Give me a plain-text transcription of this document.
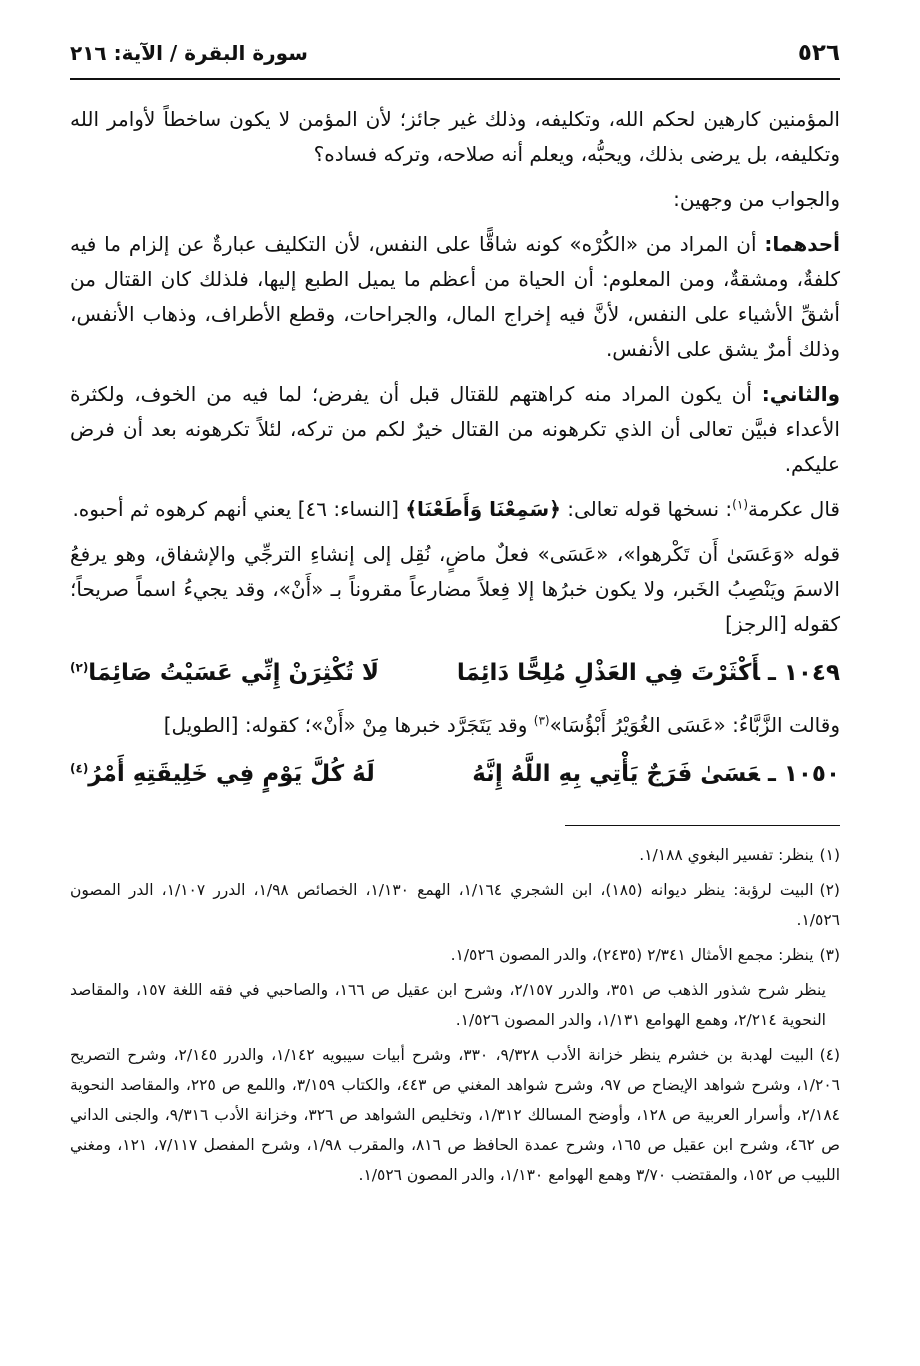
٥٢٦
سورة البقرة / الآية: ٢١٦

المؤمنين كارهين لحكم الله، وتكليفه، وذلك غير جائز؛ لأن المؤمن لا يكون ساخطاً لأوامر الله وتكليفه، بل يرضى بذلك، ويحبُّه، ويعلم أنه صلاحه، وتركه فساده؟

والجواب من وجهين:

أحدهما: أن المراد من «الكُرْه» كونه شاقًّا على النفس، لأن التكليف عبارةٌ عن إلزام ما فيه كلفةٌ، ومشقةٌ، ومن المعلوم: أن الحياة من أعظم ما يميل الطبع إليها، فلذلك كان القتال من أشقِّ الأشياء على النفس، لأنَّ فيه إخراج المال، والجراحات، وقطع الأطراف، وذهاب الأنفس، وذلك أمرٌ يشق على الأنفس.

والثاني: أن يكون المراد منه كراهتهم للقتال قبل أن يفرض؛ لما فيه من الخوف، ولكثرة الأعداء فبيَّن تعالى أن الذي تكرهونه من القتال خيرٌ لكم من تركه، لئلاً تكرهونه بعد أن فرض عليكم.

قال عكرمة$^{(١)}$: نسخها قوله تعالى: ﴿سَمِعْنَا وَأَطَعْنَا﴾ [النساء: ٤٦] يعني أنهم كرهوه ثم أحبوه.

قوله «وَعَسَىٰ أَن تَكْرهوا»، «عَسَى» فعلٌ ماضٍ، نُقِل إلى إنشاءِ الترجِّي والإشفاق، وهو يرفعُ الاسمَ ويَنْصِبُ الخَبر، ولا يكون خبرُها إلا فِعلاً مضارعاً مقروناً بـ «أَنْ»، وقد يجيءُ اسماً صريحاً؛ كقوله [الرجز]

١٠٤٩ ـأَكْثَرْتَ فِي العَذْلِ مُلِحًّا دَائِمَا
لَا تُكْثِرَنْ إِنِّي عَسَيْتُ صَائِمَا$^{(٢)}$

وقالت الزَّبَّاءُ: «عَسَى الغُوَيْرُ أَبْؤُسَا»$^{(٣)}$ وقد يَتَجَرَّد خبرها مِنْ «أَنْ»؛ كقوله: [الطويل]

١٠٥٠ ـعَسَىٰ فَرَجٌ يَأْتِي بِهِ اللَّهُ إِنَّهُ
لَهُ كُلَّ يَوْمٍ فِي خَلِيقَتِهِ أَمْرُ$^{(٤)}$
(١)ينظر: تفسير البغوي ١/١٨٨.
(٢)البيت لرؤبة: ينظر ديوانه (١٨٥)، ابن الشجري ١/١٦٤، الهمع ١/١٣٠، الخصائص ١/٩٨، الدرر ١/١٠٧، الدر المصون ١/٥٢٦.
(٣)ينظر: مجمع الأمثال ٢/٣٤١ (٢٤٣٥)، والدر المصون ١/٥٢٦.
ينظر شرح شذور الذهب ص ٣٥١، والدرر ٢/١٥٧، وشرح ابن عقيل ص ١٦٦، والصاحبي في فقه اللغة ١٥٧، والمقاصد النحوية ٢/٢١٤، وهمع الهوامع ١/١٣١، والدر المصون ١/٥٢٦.
(٤)البيت لهدبة بن خشرم ينظر خزانة الأدب ٩/٣٢٨، ٣٣٠، وشرح أبيات سيبويه ١/١٤٢، والدرر ٢/١٤٥، وشرح التصريح ١/٢٠٦، وشرح شواهد الإيضاح ص ٩٧، وشرح شواهد المغني ص ٤٤٣، والكتاب ٣/١٥٩، واللمع ص ٢٢٥، والمقاصد النحوية ٢/١٨٤، وأسرار العربية ص ١٢٨، وأوضح المسالك ١/٣١٢، وتخليص الشواهد ص ٣٢٦، وخزانة الأدب ٩/٣١٦، والجنى الداني ص ٤٦٢، وشرح ابن عقيل ص ١٦٥، وشرح عمدة الحافظ ص ٨١٦، والمقرب ١/٩٨، وشرح المفصل ٧/١١٧، ١٢١، ومغني اللبيب ص ١٥٢، والمقتضب ٣/٧٠ وهمع الهوامع ١/١٣٠، والدر المصون ١/٥٢٦.
